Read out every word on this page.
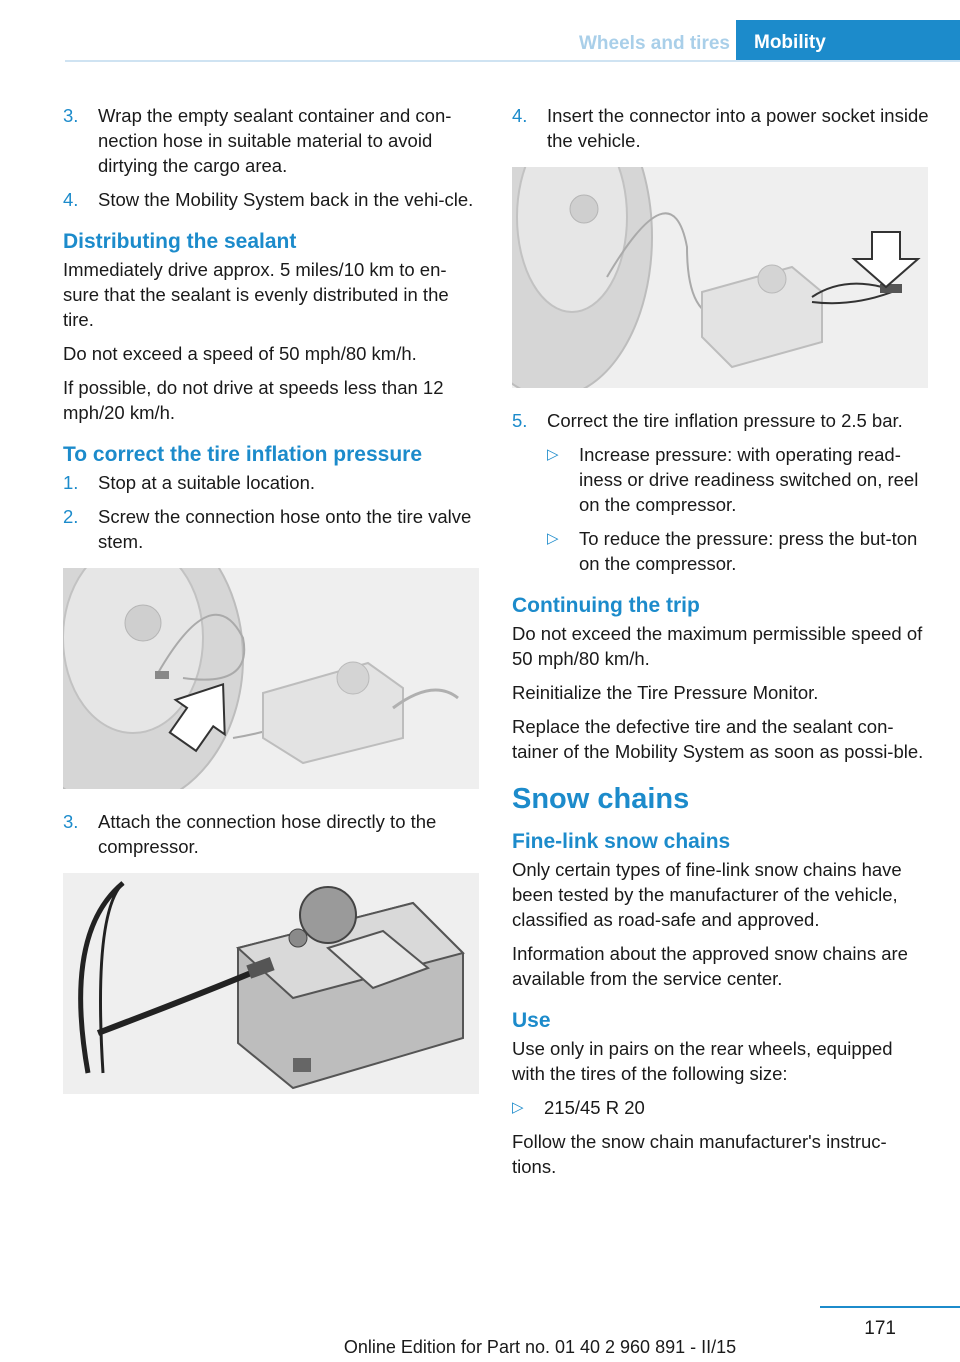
Wheels and tires	Mobility
3. Wrap the empty sealant container and con‐nection hose in suitable material to avoid dirtying the cargo area.
4. Stow the Mobility System back in the vehi‐cle.
Distributing the sealant

Immediately drive approx. 5 miles/10 km to en‐sure that the sealant is evenly distributed in the tire.

Do not exceed a speed of 50 mph/80 km/h.

If possible, do not drive at speeds less than 12 mph/20 km/h.

To correct the tire inflation pressure
1. Stop at a suitable location.
2. Screw the connection hose onto the tire valve stem.
3. Attach the connection hose directly to the compressor.
4. Insert the connector into a power socket inside the vehicle.
5. Correct the tire inflation pressure to 2.5 bar.
▷ Increase pressure: with operating read‐iness or drive readiness switched on, reel on the compressor.
▷ To reduce the pressure: press the but‐ton on the compressor.
Continuing the trip

Do not exceed the maximum permissible speed of 50 mph/80 km/h.

Reinitialize the Tire Pressure Monitor.

Replace the defective tire and the sealant con‐tainer of the Mobility System as soon as possi‐ble.

Snow chains
Fine-link snow chains

Only certain types of fine-link snow chains have been tested by the manufacturer of the vehicle, classified as road-safe and approved.

Information about the approved snow chains are available from the service center.

Use

Use only in pairs on the rear wheels, equipped with the tires of the following size:

▷ 215/45 R 20

Follow the snow chain manufacturer's instruc‐tions.

171
Online Edition for Part no. 01 40 2 960 891 - II/15
